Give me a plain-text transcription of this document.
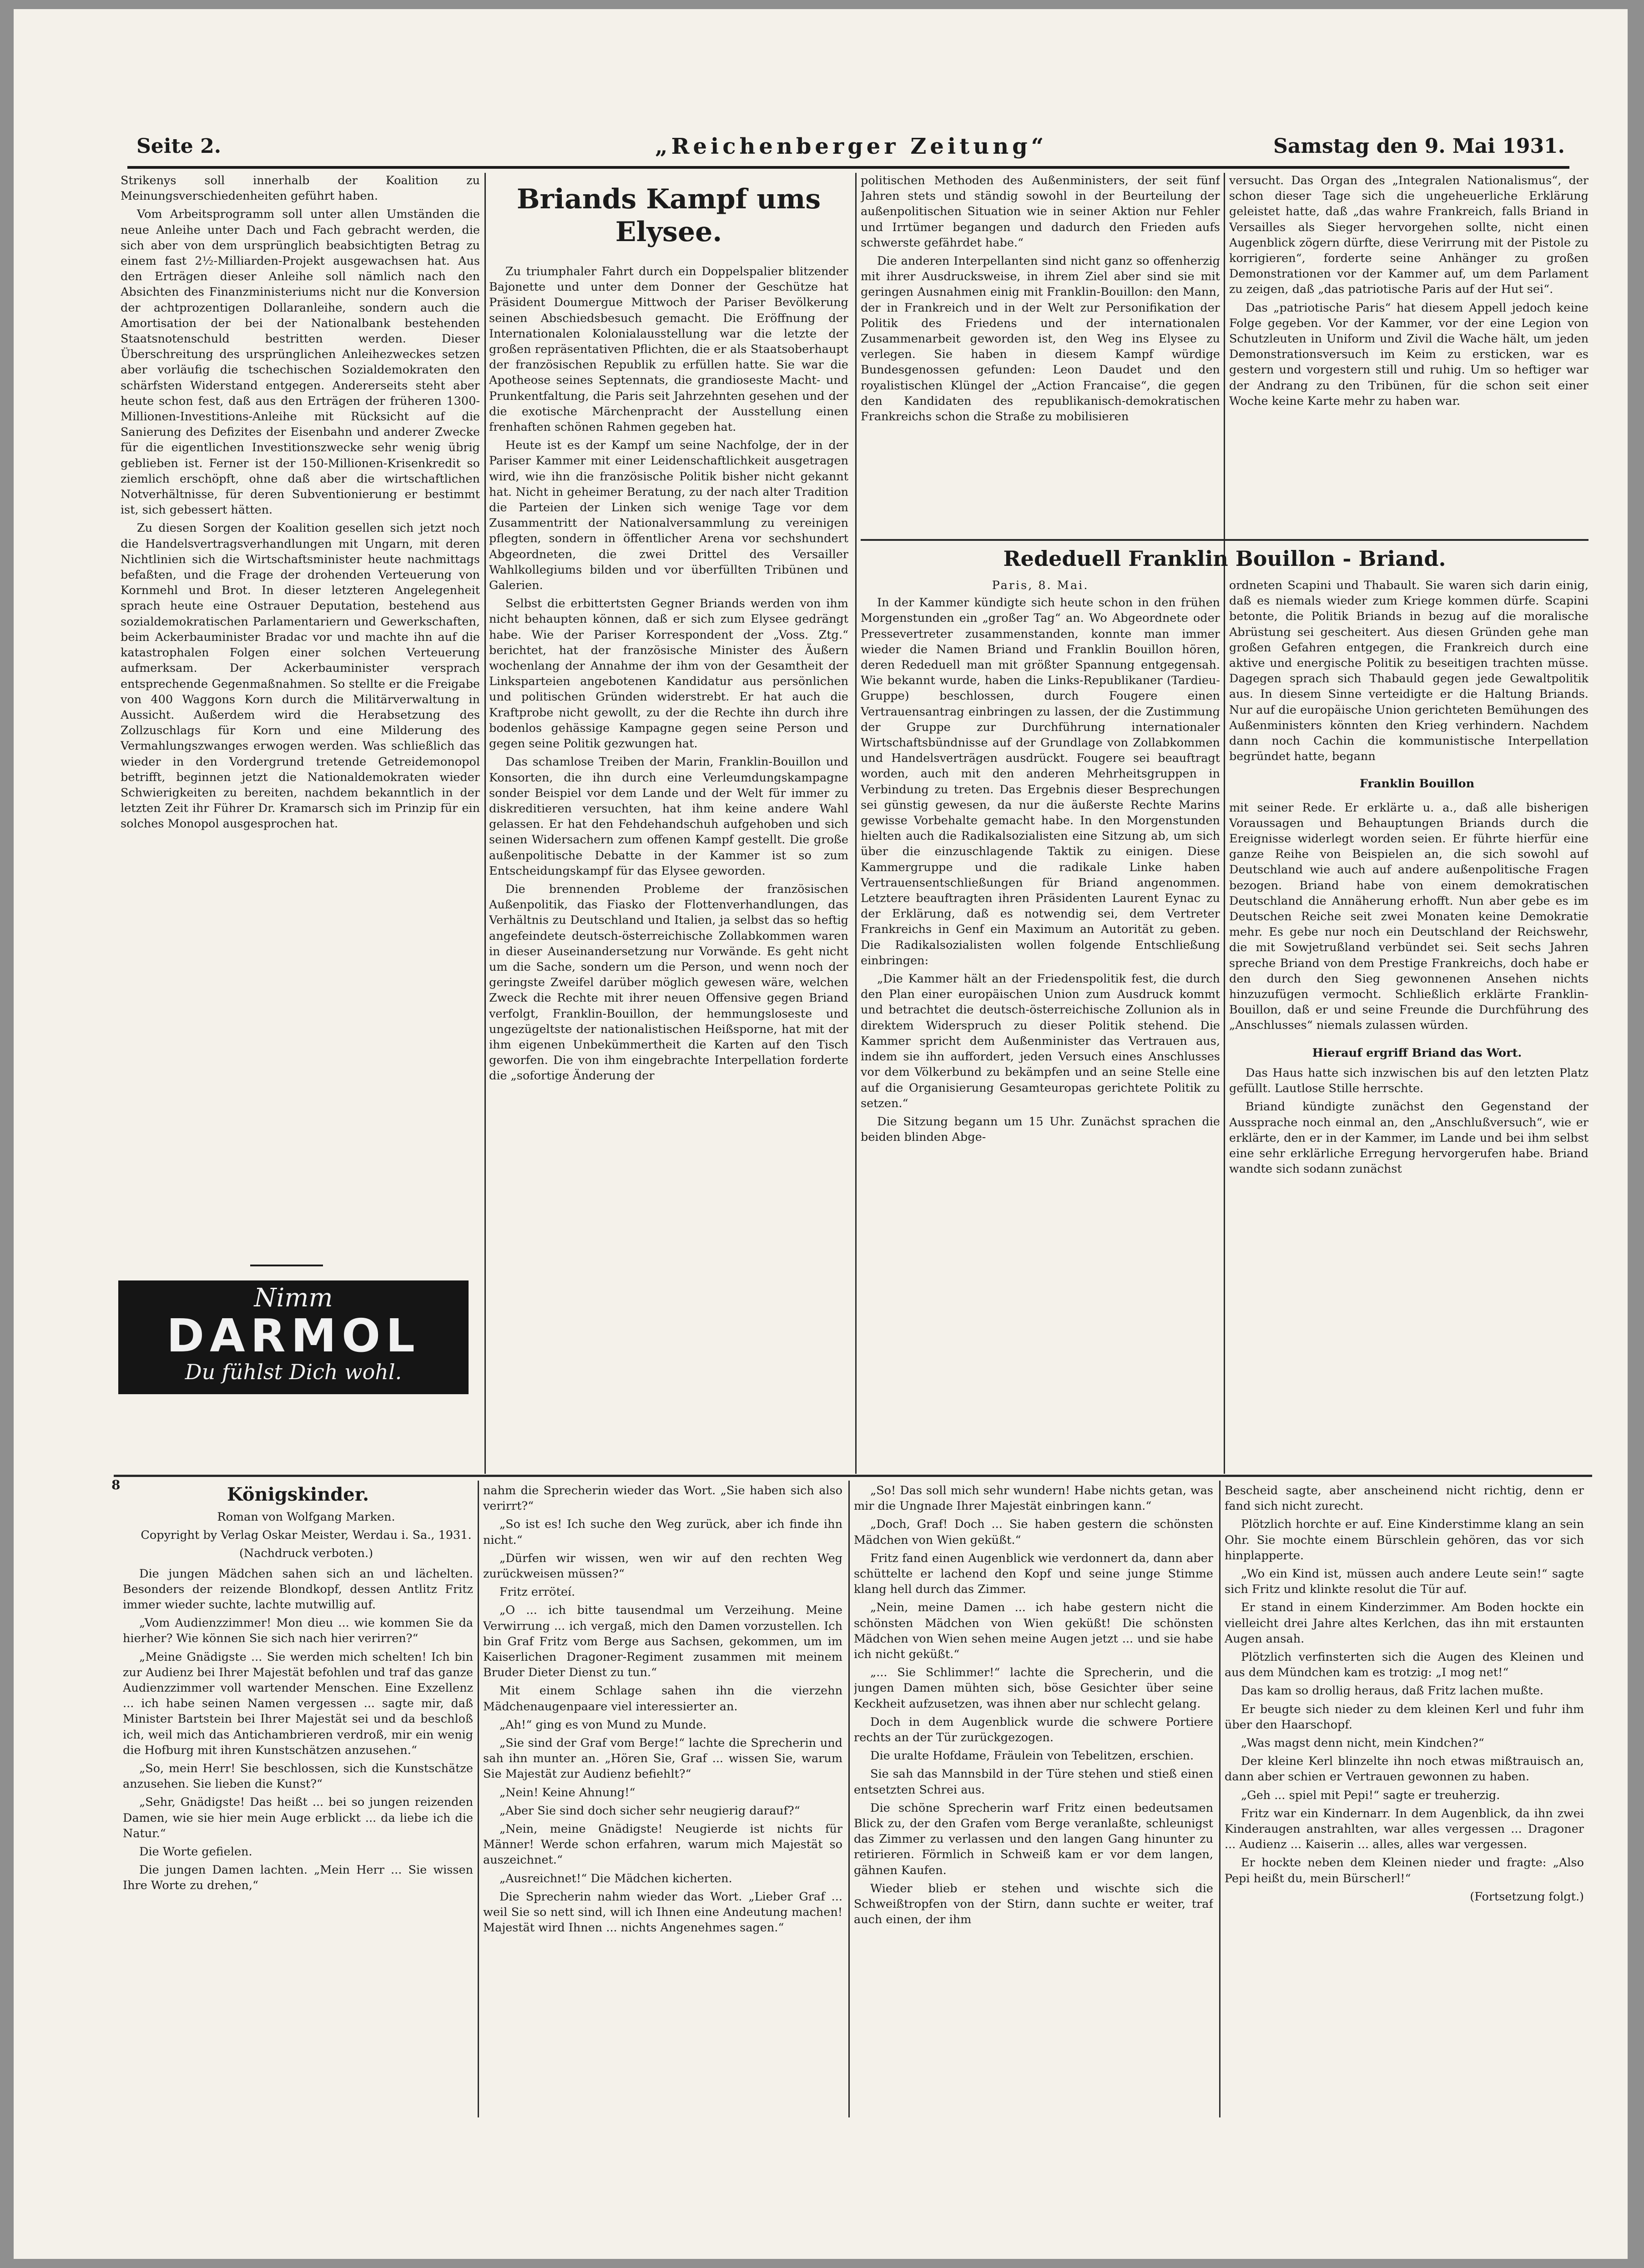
Seite 2.	„Reichenberger Zeitung“	Samstag den 9. Mai 1931.

Strikenys soll innerhalb der Koalition zu Meinungsverschiedenheiten geführt haben.

Vom Arbeitsprogramm soll unter allen Umständen die neue Anleihe unter Dach und Fach gebracht werden, die sich aber von dem ursprünglich beabsichtigten Betrag zu einem fast 2½-Milliarden-Projekt ausgewachsen hat. Aus den Erträgen dieser Anleihe soll nämlich nach den Absichten des Finanzministeriums nicht nur die Konversion der achtprozentigen Dollaranleihe, sondern auch die Amortisation der bei der Nationalbank bestehenden Staatsnotenschuld bestritten werden. Dieser Überschreitung des ursprünglichen Anleihezweckes setzen aber vorläufig die tschechischen Sozialdemokraten den schärfsten Widerstand entgegen. Andererseits steht aber heute schon fest, daß aus den Erträgen der früheren 1300-Millionen-Investitions-Anleihe mit Rücksicht auf die Sanierung des Defizites der Eisenbahn und anderer Zwecke für die eigentlichen Investitionszwecke sehr wenig übrig geblieben ist. Ferner ist der 150-Millionen-Krisenkredit so ziemlich erschöpft, ohne daß aber die wirtschaftlichen Notverhältnisse, für deren Subventionierung er bestimmt ist, sich gebessert hätten.

Zu diesen Sorgen der Koalition gesellen sich jetzt noch die Handelsvertragsverhandlungen mit Ungarn, mit deren Nichtlinien sich die Wirtschaftsminister heute nachmittags befaßten, und die Frage der drohenden Verteuerung von Kornmehl und Brot. In dieser letzteren Angelegenheit sprach heute eine Ostrauer Deputation, bestehend aus sozialdemokratischen Parlamentariern und Gewerkschaften, beim Ackerbauminister Bradac vor und machte ihn auf die katastrophalen Folgen einer solchen Verteuerung aufmerksam. Der Ackerbauminister versprach entsprechende Gegenmaßnahmen. So stellte er die Freigabe von 400 Waggons Korn durch die Militärverwaltung in Aussicht. Außerdem wird die Herabsetzung des Zollzuschlags für Korn und eine Milderung des Vermahlungszwanges erwogen werden. Was schließlich das wieder in den Vordergrund tretende Getreidemonopol betrifft, beginnen jetzt die Nationaldemokraten wieder Schwierigkeiten zu bereiten, nachdem bekanntlich in der letzten Zeit ihr Führer Dr. Kramarsch sich im Prinzip für ein solches Monopol ausgesprochen hat.

Nimm
DARMOL
Du fühlst Dich wohl.
Briands Kampf ums Elysee.

Zu triumphaler Fahrt durch ein Doppelspalier blitzender Bajonette und unter dem Donner der Geschütze hat Präsident Doumergue Mittwoch der Pariser Bevölkerung seinen Abschiedsbesuch gemacht. Die Eröffnung der Internationalen Kolonialausstellung war die letzte der großen repräsentativen Pflichten, die er als Staatsoberhaupt der französischen Republik zu erfüllen hatte. Sie war die Apotheose seines Septennats, die grandioseste Macht- und Prunkentfaltung, die Paris seit Jahrzehnten gesehen und der die exotische Märchenpracht der Ausstellung einen frenhaften schönen Rahmen gegeben hat.

Heute ist es der Kampf um seine Nachfolge, der in der Pariser Kammer mit einer Leidenschaftlichkeit ausgetragen wird, wie ihn die französische Politik bisher nicht gekannt hat. Nicht in geheimer Beratung, zu der nach alter Tradition die Parteien der Linken sich wenige Tage vor dem Zusammentritt der Nationalversammlung zu vereinigen pflegten, sondern in öffentlicher Arena vor sechshundert Abgeordneten, die zwei Drittel des Versailler Wahlkollegiums bilden und vor überfüllten Tribünen und Galerien.

Selbst die erbittertsten Gegner Briands werden von ihm nicht behaupten können, daß er sich zum Elysee gedrängt habe. Wie der Pariser Korrespondent der „Voss. Ztg.“ berichtet, hat der französische Minister des Äußern wochenlang der Annahme der ihm von der Gesamtheit der Linksparteien angebotenen Kandidatur aus persönlichen und politischen Gründen widerstrebt. Er hat auch die Kraftprobe nicht gewollt, zu der die Rechte ihn durch ihre bodenlos gehässige Kampagne gegen seine Person und gegen seine Politik gezwungen hat.

Das schamlose Treiben der Marin, Franklin-Bouillon und Konsorten, die ihn durch eine Verleumdungskampagne sonder Beispiel vor dem Lande und der Welt für immer zu diskreditieren versuchten, hat ihm keine andere Wahl gelassen. Er hat den Fehdehandschuh aufgehoben und sich seinen Widersachern zum offenen Kampf gestellt. Die große außenpolitische Debatte in der Kammer ist so zum Entscheidungskampf für das Elysee geworden.

Die brennenden Probleme der französischen Außenpolitik, das Fiasko der Flottenverhandlungen, das Verhältnis zu Deutschland und Italien, ja selbst das so heftig angefeindete deutsch-österreichische Zollabkommen waren in dieser Auseinandersetzung nur Vorwände. Es geht nicht um die Sache, sondern um die Person, und wenn noch der geringste Zweifel darüber möglich gewesen wäre, welchen Zweck die Rechte mit ihrer neuen Offensive gegen Briand verfolgt, Franklin-Bouillon, der hemmungsloseste und ungezügeltste der nationalistischen Heißsporne, hat mit der ihm eigenen Unbekümmertheit die Karten auf den Tisch geworfen. Die von ihm eingebrachte Interpellation forderte die „sofortige Änderung der

politischen Methoden des Außenministers, der seit fünf Jahren stets und ständig sowohl in der Beurteilung der außenpolitischen Situation wie in seiner Aktion nur Fehler und Irrtümer begangen und dadurch den Frieden aufs schwerste gefährdet habe.“

Die anderen Interpellanten sind nicht ganz so offenherzig mit ihrer Ausdrucksweise, in ihrem Ziel aber sind sie mit geringen Ausnahmen einig mit Franklin-Bouillon: den Mann, der in Frankreich und in der Welt zur Personifikation der Politik des Friedens und der internationalen Zusammenarbeit geworden ist, den Weg ins Elysee zu verlegen. Sie haben in diesem Kampf würdige Bundesgenossen gefunden: Leon Daudet und den royalistischen Klüngel der „Action Francaise“, die gegen den Kandidaten des republikanisch-demokratischen Frankreichs schon die Straße zu mobilisieren

versucht. Das Organ des „Integralen Nationalismus“, der schon dieser Tage sich die ungeheuerliche Erklärung geleistet hatte, daß „das wahre Frankreich, falls Briand in Versailles als Sieger hervorgehen sollte, nicht einen Augenblick zögern dürfte, diese Verirrung mit der Pistole zu korrigieren“, forderte seine Anhänger zu großen Demonstrationen vor der Kammer auf, um dem Parlament zu zeigen, daß „das patriotische Paris auf der Hut sei“.

Das „patriotische Paris“ hat diesem Appell jedoch keine Folge gegeben. Vor der Kammer, vor der eine Legion von Schutzleuten in Uniform und Zivil die Wache hält, um jeden Demonstrationsversuch im Keim zu ersticken, war es gestern und vorgestern still und ruhig. Um so heftiger war der Andrang zu den Tribünen, für die schon seit einer Woche keine Karte mehr zu haben war.

Rededuell Franklin Bouillon - Briand.
Paris, 8. Mai.

In der Kammer kündigte sich heute schon in den frühen Morgenstunden ein „großer Tag“ an. Wo Abgeordnete oder Pressevertreter zusammenstanden, konnte man immer wieder die Namen Briand und Franklin Bouillon hören, deren Rededuell man mit größter Spannung entgegensah. Wie bekannt wurde, haben die Links-Republikaner (Tardieu-Gruppe) beschlossen, durch Fougere einen Vertrauensantrag einbringen zu lassen, der die Zustimmung der Gruppe zur Durchführung internationaler Wirtschaftsbündnisse auf der Grundlage von Zollabkommen und Handelsverträgen ausdrückt. Fougere sei beauftragt worden, auch mit den anderen Mehrheitsgruppen in Verbindung zu treten. Das Ergebnis dieser Besprechungen sei günstig gewesen, da nur die äußerste Rechte Marins gewisse Vorbehalte gemacht habe. In den Morgenstunden hielten auch die Radikalsozialisten eine Sitzung ab, um sich über die einzuschlagende Taktik zu einigen. Diese Kammergruppe und die radikale Linke haben Vertrauensentschließungen für Briand angenommen. Letztere beauftragten ihren Präsidenten Laurent Eynac zu der Erklärung, daß es notwendig sei, dem Vertreter Frankreichs in Genf ein Maximum an Autorität zu geben. Die Radikalsozialisten wollen folgende Entschließung einbringen:

„Die Kammer hält an der Friedenspolitik fest, die durch den Plan einer europäischen Union zum Ausdruck kommt und betrachtet die deutsch-österreichische Zollunion als in direktem Widerspruch zu dieser Politik stehend. Die Kammer spricht dem Außenminister das Vertrauen aus, indem sie ihn auffordert, jeden Versuch eines Anschlusses vor dem Völkerbund zu bekämpfen und an seine Stelle eine auf die Organisierung Gesamteuropas gerichtete Politik zu setzen.“

Die Sitzung begann um 15 Uhr. Zunächst sprachen die beiden blinden Abge-

ordneten Scapini und Thabault. Sie waren sich darin einig, daß es niemals wieder zum Kriege kommen dürfe. Scapini betonte, die Politik Briands in bezug auf die moralische Abrüstung sei gescheitert. Aus diesen Gründen gehe man großen Gefahren entgegen, die Frankreich durch eine aktive und energische Politik zu beseitigen trachten müsse. Dagegen sprach sich Thabauld gegen jede Gewaltpolitik aus. In diesem Sinne verteidigte er die Haltung Briands. Nur auf die europäische Union gerichteten Bemühungen des Außenministers könnten den Krieg verhindern. Nachdem dann noch Cachin die kommunistische Interpellation begründet hatte, begann

Franklin Bouillon

mit seiner Rede. Er erklärte u. a., daß alle bisherigen Voraussagen und Behauptungen Briands durch die Ereignisse widerlegt worden seien. Er führte hierfür eine ganze Reihe von Beispielen an, die sich sowohl auf Deutschland wie auch auf andere außenpolitische Fragen bezogen. Briand habe von einem demokratischen Deutschland die Annäherung erhofft. Nun aber gebe es im Deutschen Reiche seit zwei Monaten keine Demokratie mehr. Es gebe nur noch ein Deutschland der Reichswehr, die mit Sowjetrußland verbündet sei. Seit sechs Jahren spreche Briand von dem Prestige Frankreichs, doch habe er den durch den Sieg gewonnenen Ansehen nichts hinzuzufügen vermocht. Schließlich erklärte Franklin-Bouillon, daß er und seine Freunde die Durchführung des „Anschlusses“ niemals zulassen würden.

Hierauf ergriff Briand das Wort.

Das Haus hatte sich inzwischen bis auf den letzten Platz gefüllt. Lautlose Stille herrschte.

Briand kündigte zunächst den Gegenstand der Aussprache noch einmal an, den „Anschlußversuch“, wie er erklärte, den er in der Kammer, im Lande und bei ihm selbst eine sehr erklärliche Erregung hervorgerufen habe. Briand wandte sich sodann zunächst

8	Königskinder.

Roman von Wolfgang Marken.

Copyright by Verlag Oskar Meister, Werdau i. Sa., 1931.

(Nachdruck verboten.)

Die jungen Mädchen sahen sich an und lächelten. Besonders der reizende Blondkopf, dessen Antlitz Fritz immer wieder suchte, lachte mutwillig auf.

„Vom Audienzzimmer! Mon dieu ... wie kommen Sie da hierher? Wie können Sie sich nach hier verirren?“

„Meine Gnädigste ... Sie werden mich schelten! Ich bin zur Audienz bei Ihrer Majestät befohlen und traf das ganze Audienzzimmer voll wartender Menschen. Eine Exzellenz ... ich habe seinen Namen vergessen ... sagte mir, daß Minister Bartstein bei Ihrer Majestät sei und da beschloß ich, weil mich das Antichambrieren verdroß, mir ein wenig die Hofburg mit ihren Kunstschätzen anzusehen.“

„So, mein Herr! Sie beschlossen, sich die Kunstschätze anzusehen. Sie lieben die Kunst?“

„Sehr, Gnädigste! Das heißt ... bei so jungen reizenden Damen, wie sie hier mein Auge erblickt ... da liebe ich die Natur.“

Die Worte gefielen.

Die jungen Damen lachten. „Mein Herr ... Sie wissen Ihre Worte zu drehen,“

nahm die Sprecherin wieder das Wort. „Sie haben sich also verirrt?“

„So ist es! Ich suche den Weg zurück, aber ich finde ihn nicht.“

„Dürfen wir wissen, wen wir auf den rechten Weg zurückweisen müssen?“

Fritz erröteí.

„O ... ich bitte tausendmal um Verzeihung. Meine Verwirrung ... ich vergaß, mich den Damen vorzustellen. Ich bin Graf Fritz vom Berge aus Sachsen, gekommen, um im Kaiserlichen Dragoner-Regiment zusammen mit meinem Bruder Dieter Dienst zu tun.“

Mit einem Schlage sahen ihn die vierzehn Mädchenaugenpaare viel interessierter an.

„Ah!“ ging es von Mund zu Munde.

„Sie sind der Graf vom Berge!“ lachte die Sprecherin und sah ihn munter an. „Hören Sie, Graf ... wissen Sie, warum Sie Majestät zur Audienz befiehlt?“

„Nein! Keine Ahnung!“

„Aber Sie sind doch sicher sehr neugierig darauf?“

„Nein, meine Gnädigste! Neugierde ist nichts für Männer! Werde schon erfahren, warum mich Majestät so auszeichnet.“

„Ausreichnet!“ Die Mädchen kicherten.

Die Sprecherin nahm wieder das Wort. „Lieber Graf ... weil Sie so nett sind, will ich Ihnen eine Andeutung machen! Majestät wird Ihnen ... nichts Angenehmes sagen.“

„So! Das soll mich sehr wundern! Habe nichts getan, was mir die Ungnade Ihrer Majestät einbringen kann.“

„Doch, Graf! Doch ... Sie haben gestern die schönsten Mädchen von Wien geküßt.“

Fritz fand einen Augenblick wie verdonnert da, dann aber schüttelte er lachend den Kopf und seine junge Stimme klang hell durch das Zimmer.

„Nein, meine Damen ... ich habe gestern nicht die schönsten Mädchen von Wien geküßt! Die schönsten Mädchen von Wien sehen meine Augen jetzt ... und sie habe ich nicht geküßt.“

„... Sie Schlimmer!“ lachte die Sprecherin, und die jungen Damen mühten sich, böse Gesichter über seine Keckheit aufzusetzen, was ihnen aber nur schlecht gelang.

Doch in dem Augenblick wurde die schwere Portiere rechts an der Tür zurückgezogen.

Die uralte Hofdame, Fräulein von Tebelitzen, erschien.

Sie sah das Mannsbild in der Türe stehen und stieß einen entsetzten Schrei aus.

Die schöne Sprecherin warf Fritz einen bedeutsamen Blick zu, der den Grafen vom Berge veranlaßte, schleunigst das Zimmer zu verlassen und den langen Gang hinunter zu retirieren. Förmlich in Schweiß kam er vor dem langen, gähnen Kaufen.

Wieder blieb er stehen und wischte sich die Schweißtropfen von der Stirn, dann suchte er weiter, traf auch einen, der ihm

Bescheid sagte, aber anscheinend nicht richtig, denn er fand sich nicht zurecht.

Plötzlich horchte er auf. Eine Kinderstimme klang an sein Ohr. Sie mochte einem Bürschlein gehören, das vor sich hinplapperte.

„Wo ein Kind ist, müssen auch andere Leute sein!“ sagte sich Fritz und klinkte resolut die Tür auf.

Er stand in einem Kinderzimmer. Am Boden hockte ein vielleicht drei Jahre altes Kerlchen, das ihn mit erstaunten Augen ansah.

Plötzlich verfinsterten sich die Augen des Kleinen und aus dem Mündchen kam es trotzig: „I mog net!“

Das kam so drollig heraus, daß Fritz lachen mußte.

Er beugte sich nieder zu dem kleinen Kerl und fuhr ihm über den Haarschopf.

„Was magst denn nicht, mein Kindchen?“

Der kleine Kerl blinzelte ihn noch etwas mißtrauisch an, dann aber schien er Vertrauen gewonnen zu haben.

„Geh ... spiel mit Pepi!“ sagte er treuherzig.

Fritz war ein Kindernarr. In dem Augenblick, da ihn zwei Kinderaugen anstrahlten, war alles vergessen ... Dragoner ... Audienz ... Kaiserin ... alles, alles war vergessen.

Er hockte neben dem Kleinen nieder und fragte: „Also Pepi heißt du, mein Bürscherl!“

(Fortsetzung folgt.)
